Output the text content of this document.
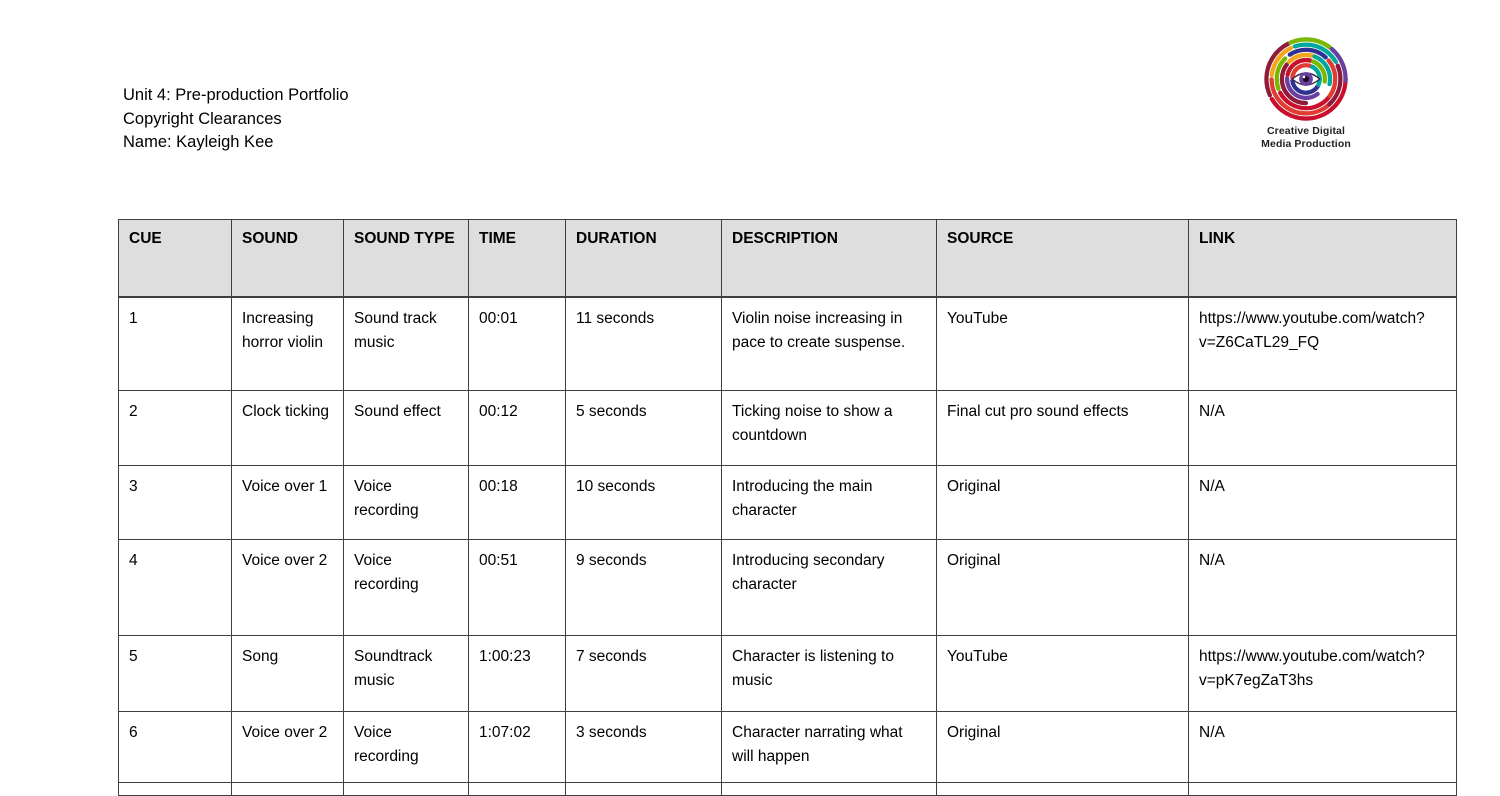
Unit 4: Pre-production Portfolio
Copyright Clearances
Name: Kayleigh Kee
Creative Digital
Media Production
CUE	SOUND	SOUND TYPE	TIME	DURATION	DESCRIPTION	SOURCE	LINK
1	Increasing horror violin	Sound track music	00:01	11 seconds	Violin noise increasing in pace to create suspense.	YouTube	https://www.youtube.com/watch?v=Z6CaTL29_FQ
2	Clock ticking	Sound effect	00:12	5 seconds	Ticking noise to show a countdown	Final cut pro sound effects	N/A
3	Voice over 1	Voice recording	00:18	10 seconds	Introducing the main character	Original	N/A
4	Voice over 2	Voice recording	00:51	9 seconds	Introducing secondary character	Original	N/A
5	Song	Soundtrack music	1:00:23	7 seconds	Character is listening to music	YouTube	https://www.youtube.com/watch?v=pK7egZaT3hs
6	Voice over 2	Voice recording	1:07:02	3 seconds	Character narrating what will happen	Original	N/A
